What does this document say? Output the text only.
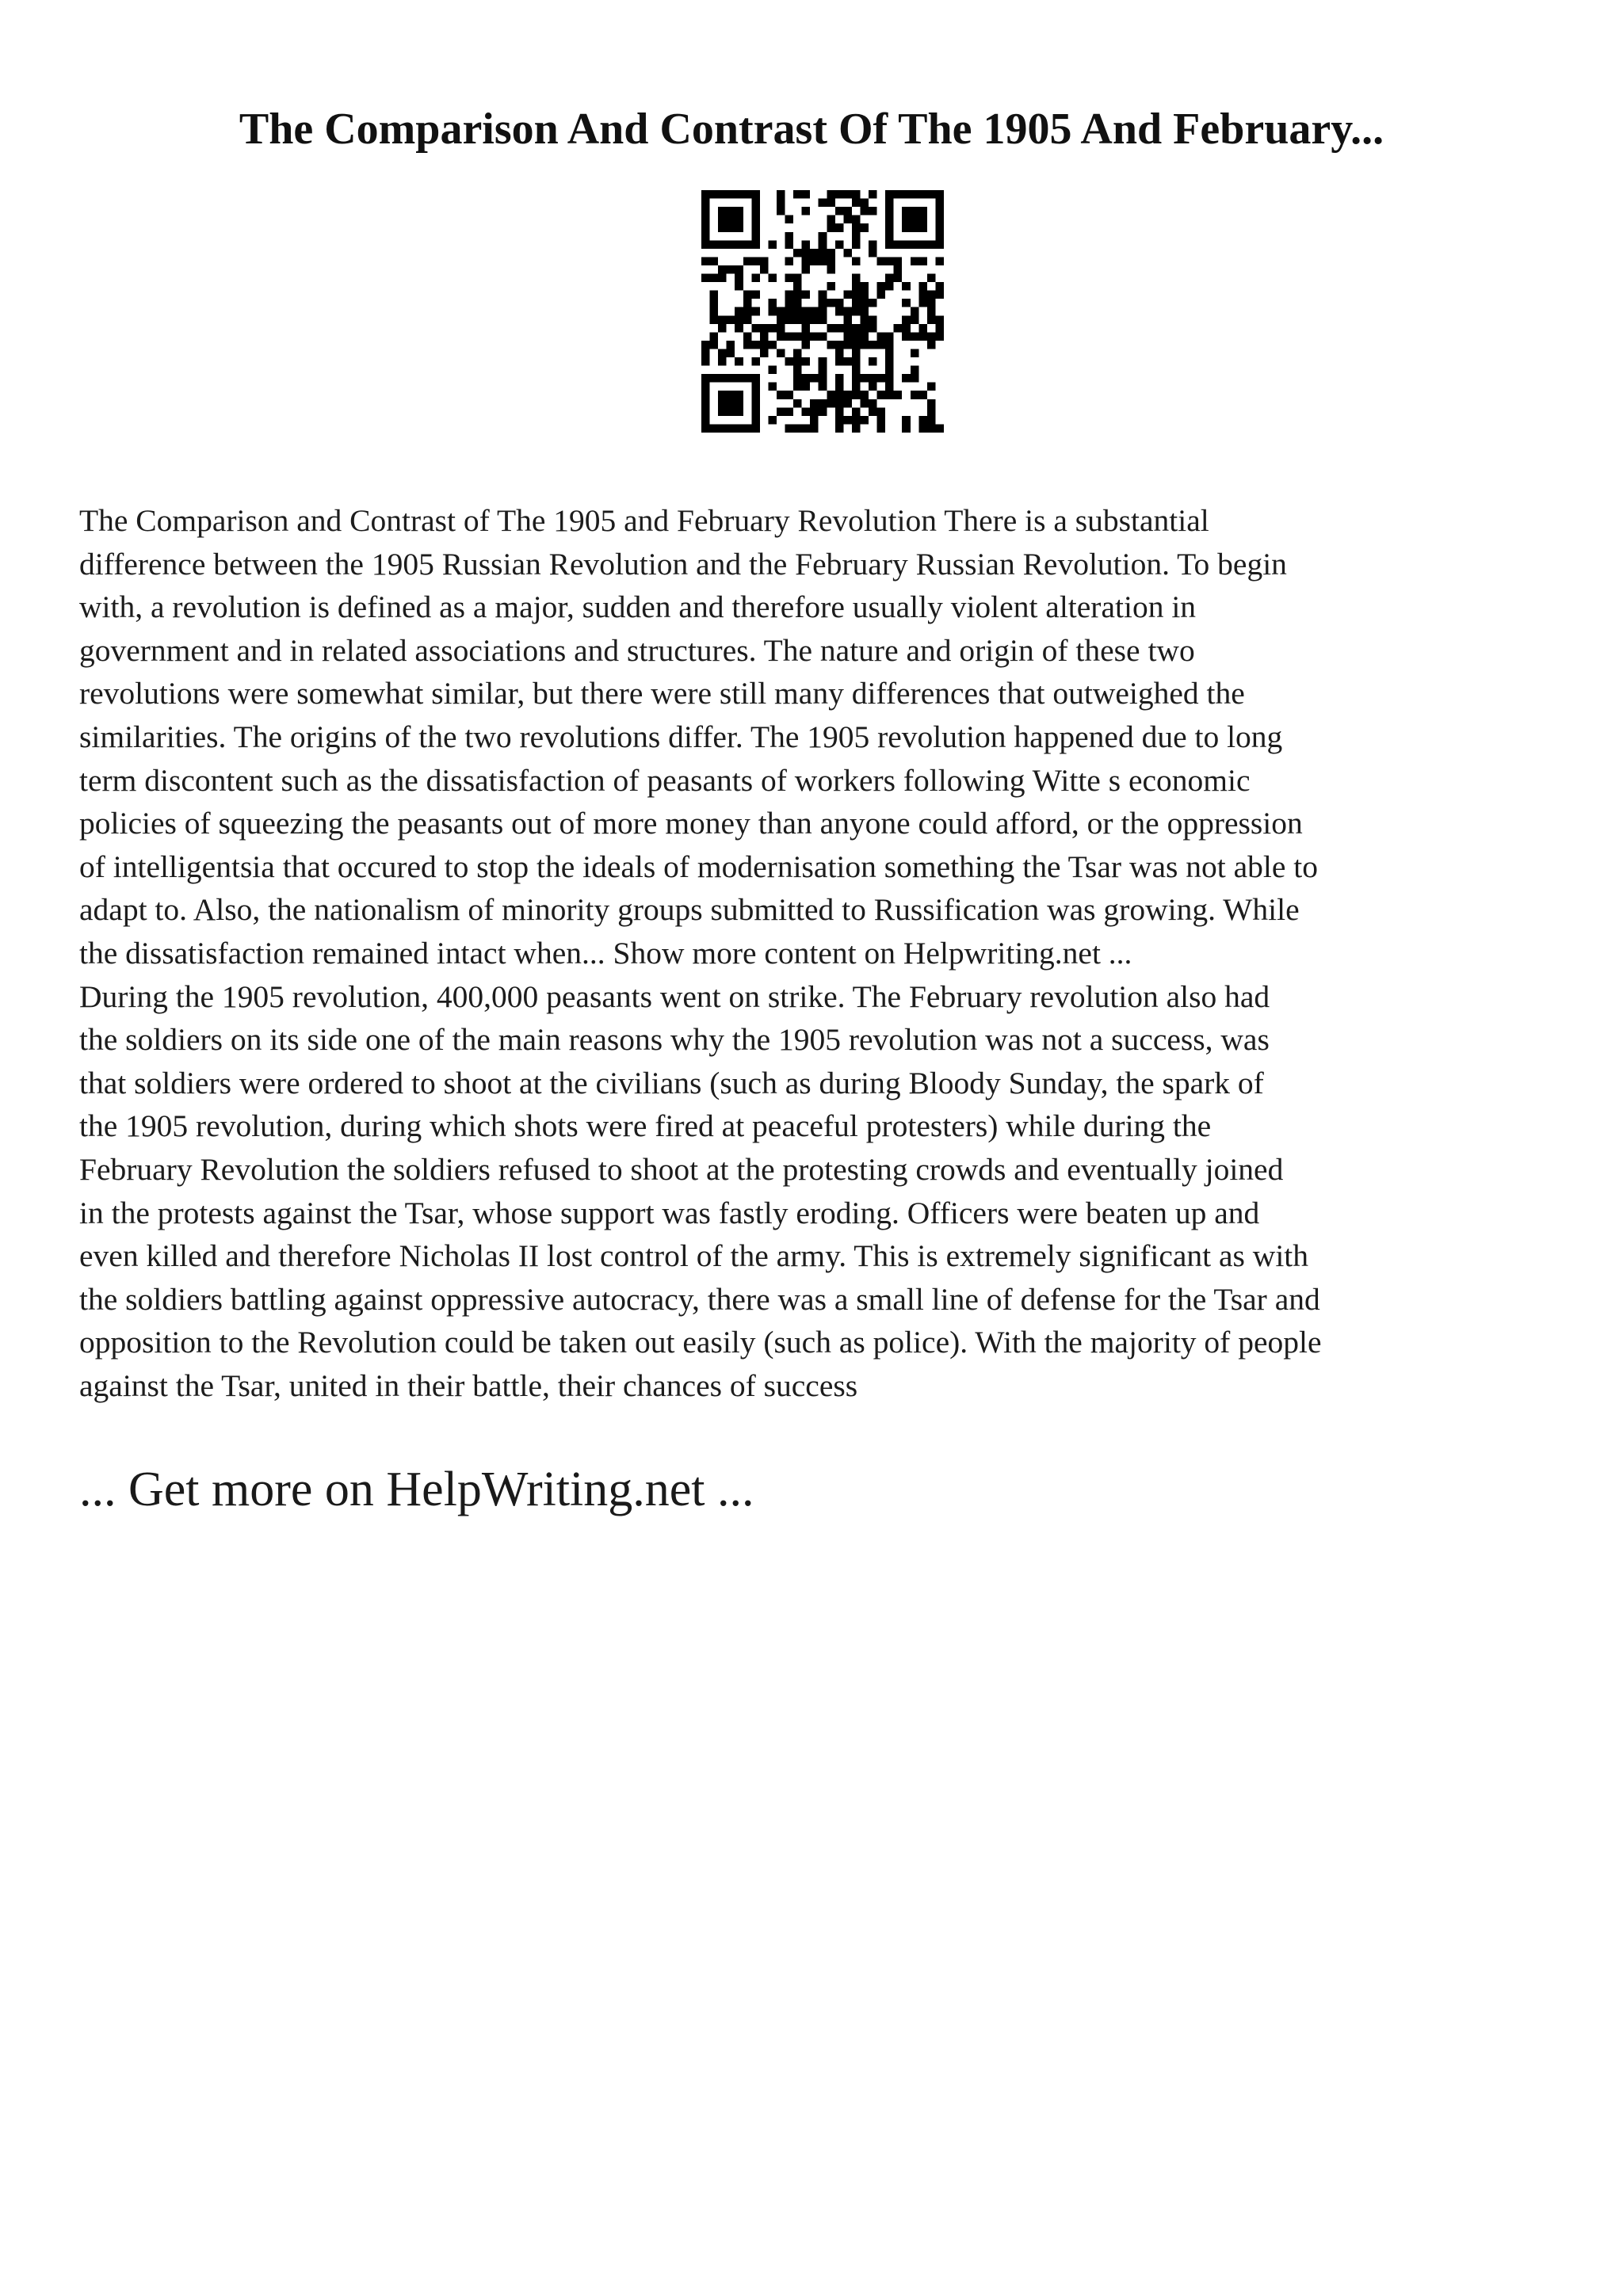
The Comparison And Contrast Of The 1905 And February...
The Comparison and Contrast of The 1905 and February Revolution There is a substantial
difference between the 1905 Russian Revolution and the February Russian Revolution. To begin
with, a revolution is defined as a major, sudden and therefore usually violent alteration in
government and in related associations and structures. The nature and origin of these two
revolutions were somewhat similar, but there were still many differences that outweighed the
similarities. The origins of the two revolutions differ. The 1905 revolution happened due to long
term discontent such as the dissatisfaction of peasants of workers following Witte s economic
policies of squeezing the peasants out of more money than anyone could afford, or the oppression
of intelligentsia that occured to stop the ideals of modernisation something the Tsar was not able to
adapt to. Also, the nationalism of minority groups submitted to Russification was growing. While
the dissatisfaction remained intact when... Show more content on Helpwriting.net ...
During the 1905 revolution, 400,000 peasants went on strike. The February revolution also had
the soldiers on its side one of the main reasons why the 1905 revolution was not a success, was
that soldiers were ordered to shoot at the civilians (such as during Bloody Sunday, the spark of
the 1905 revolution, during which shots were fired at peaceful protesters) while during the
February Revolution the soldiers refused to shoot at the protesting crowds and eventually joined
in the protests against the Tsar, whose support was fastly eroding. Officers were beaten up and
even killed and therefore Nicholas II lost control of the army. This is extremely significant as with
the soldiers battling against oppressive autocracy, there was a small line of defense for the Tsar and
opposition to the Revolution could be taken out easily (such as police). With the majority of people
against the Tsar, united in their battle, their chances of success
... Get more on HelpWriting.net ...
